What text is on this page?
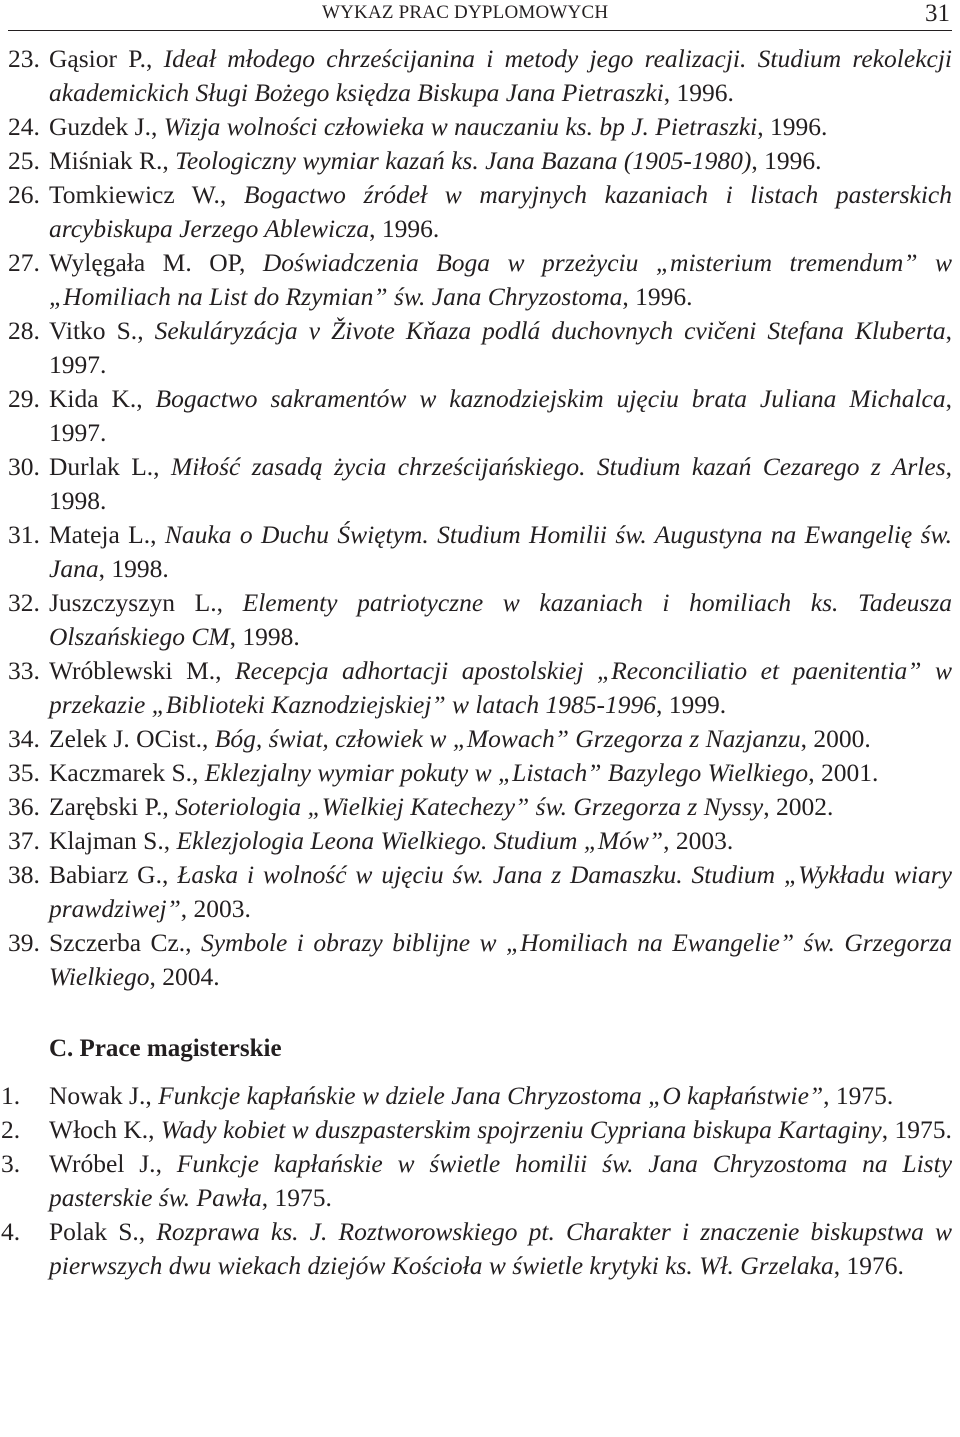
WYKAZ PRAC DYPLOMOWYCH	31
23. Gąsior P., Ideał młodego chrześcijanina i metody jego realizacji. Studium rekolekcji akademickich Sługi Bożego księdza Biskupa Jana Pietraszki, 1996.
24. Guzdek J., Wizja wolności człowieka w nauczaniu ks. bp J. Pietraszki, 1996.
25. Miśniak R., Teologiczny wymiar kazań ks. Jana Bazana (1905-1980), 1996.
26. Tomkiewicz W., Bogactwo źródeł w maryjnych kazaniach i listach pasterskich arcybiskupa Jerzego Ablewicza, 1996.
27. Wylęgała M. OP, Doświadczenia Boga w przeżyciu „misterium tremendum” w „Homiliach na List do Rzymian” św. Jana Chryzostoma, 1996.
28. Vitko S., Sekuláryzácja v Živote Kňaza podlá duchovnych cvičeni Stefana Kluberta, 1997.
29. Kida K., Bogactwo sakramentów w kaznodziejskim ujęciu brata Juliana Michalca, 1997.
30. Durlak L., Miłość zasadą życia chrześcijańskiego. Studium kazań Cezarego z Arles, 1998.
31. Mateja L., Nauka o Duchu Świętym. Studium Homilii św. Augustyna na Ewangelię św. Jana, 1998.
32. Juszczyszyn L., Elementy patriotyczne w kazaniach i homiliach ks. Tadeusza Olszańskiego CM, 1998.
33. Wróblewski M., Recepcja adhortacji apostolskiej „Reconciliatio et paenitentia” w przekazie „Biblioteki Kaznodziejskiej” w latach 1985-1996, 1999.
34. Zelek J. OCist., Bóg, świat, człowiek w „Mowach” Grzegorza z Nazjanzu, 2000.
35. Kaczmarek S., Eklezjalny wymiar pokuty w „Listach” Bazylego Wielkiego, 2001.
36. Zarębski P., Soteriologia „Wielkiej Katechezy” św. Grzegorza z Nyssy, 2002.
37. Klajman S., Eklezjologia Leona Wielkiego. Studium „Mów”, 2003.
38. Babiarz G., Łaska i wolność w ujęciu św. Jana z Damaszku. Studium „Wykładu wiary prawdziwej”, 2003.
39. Szczerba Cz., Symbole i obrazy biblijne w „Homiliach na Ewangelie” św. Grzegorza Wielkiego, 2004.
C. Prace magisterskie
1. Nowak J., Funkcje kapłańskie w dziele Jana Chryzostoma „O kapłaństwie”, 1975.
2. Włoch K., Wady kobiet w duszpasterskim spojrzeniu Cypriana biskupa Kartaginy, 1975.
3. Wróbel J., Funkcje kapłańskie w świetle homilii św. Jana Chryzostoma na Listy pasterskie św. Pawła, 1975.
4. Polak S., Rozprawa ks. J. Roztworowskiego pt. Charakter i znaczenie biskupstwa w pierwszych dwu wiekach dziejów Kościoła w świetle krytyki ks. Wł. Grzelaka, 1976.
